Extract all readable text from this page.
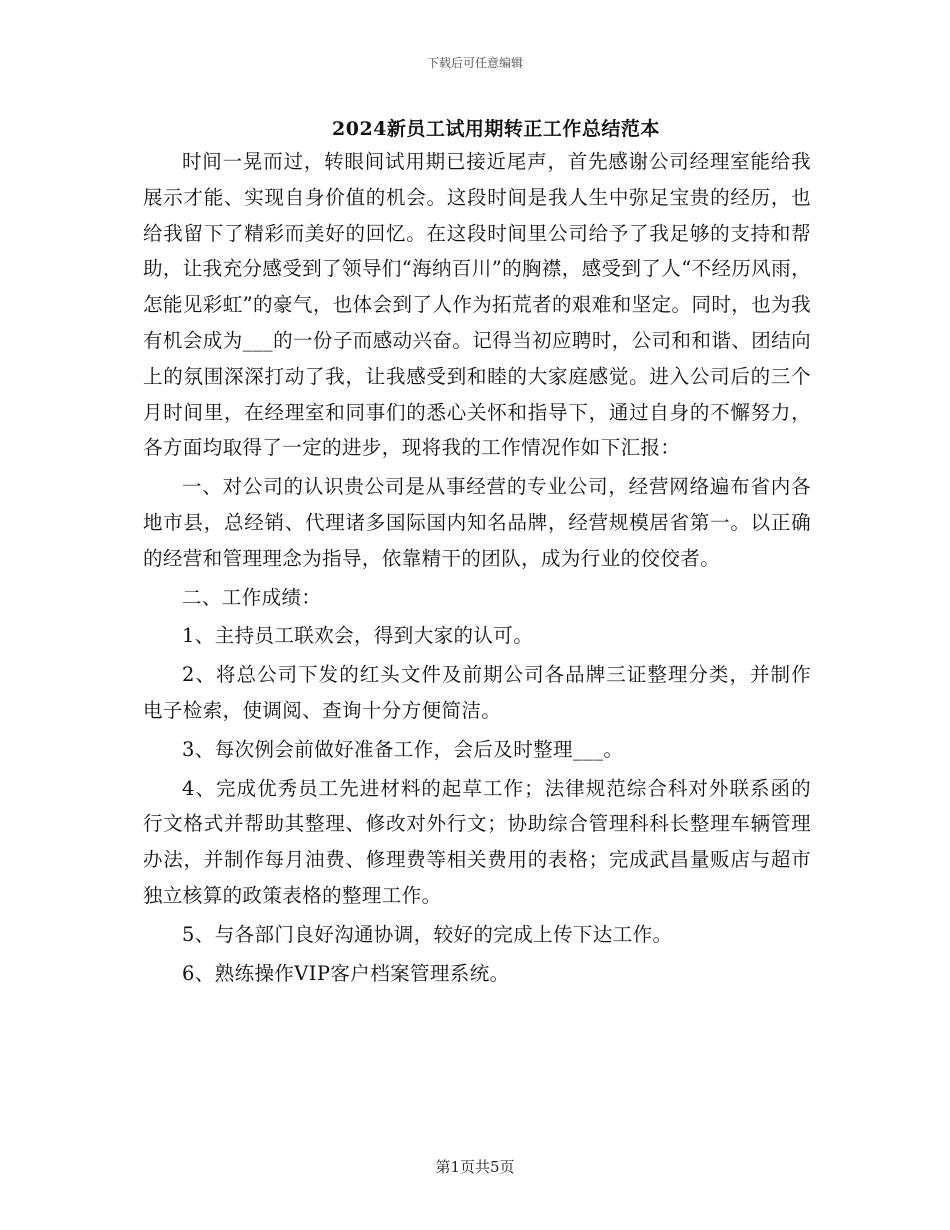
下载后可任意编辑
2024新员工试用期转正工作总结范本

时间一晃而过，转眼间试用期已接近尾声，首先感谢公司经理室能给我展示才能、实现自身价值的机会。这段时间是我人生中弥足宝贵的经历，也给我留下了精彩而美好的回忆。在这段时间里公司给予了我足够的支持和帮助，让我充分感受到了领导们“海纳百川”的胸襟，感受到了人“不经历风雨，怎能见彩虹”的豪气，也体会到了人作为拓荒者的艰难和坚定。同时，也为我有机会成为___的一份子而感动兴奋。记得当初应聘时，公司和和谐、团结向上的氛围深深打动了我，让我感受到和睦的大家庭感觉。进入公司后的三个月时间里，在经理室和同事们的悉心关怀和指导下，通过自身的不懈努力，各方面均取得了一定的进步，现将我的工作情况作如下汇报：

一、对公司的认识贵公司是从事经营的专业公司，经营网络遍布省内各地市县，总经销、代理诸多国际国内知名品牌，经营规模居省第一。以正确的经营和管理理念为指导，依靠精干的团队，成为行业的佼佼者。

二、工作成绩：

1、主持员工联欢会，得到大家的认可。

2、将总公司下发的红头文件及前期公司各品牌三证整理分类，并制作电子检索，使调阅、查询十分方便简洁。

3、每次例会前做好准备工作，会后及时整理___。

4、完成优秀员工先进材料的起草工作；法律规范综合科对外联系函的行文格式并帮助其整理、修改对外行文；协助综合管理科科长整理车辆管理办法，并制作每月油费、修理费等相关费用的表格；完成武昌量贩店与超市独立核算的政策表格的整理工作。

5、与各部门良好沟通协调，较好的完成上传下达工作。

6、熟练操作VIP客户档案管理系统。

第1页共5页
